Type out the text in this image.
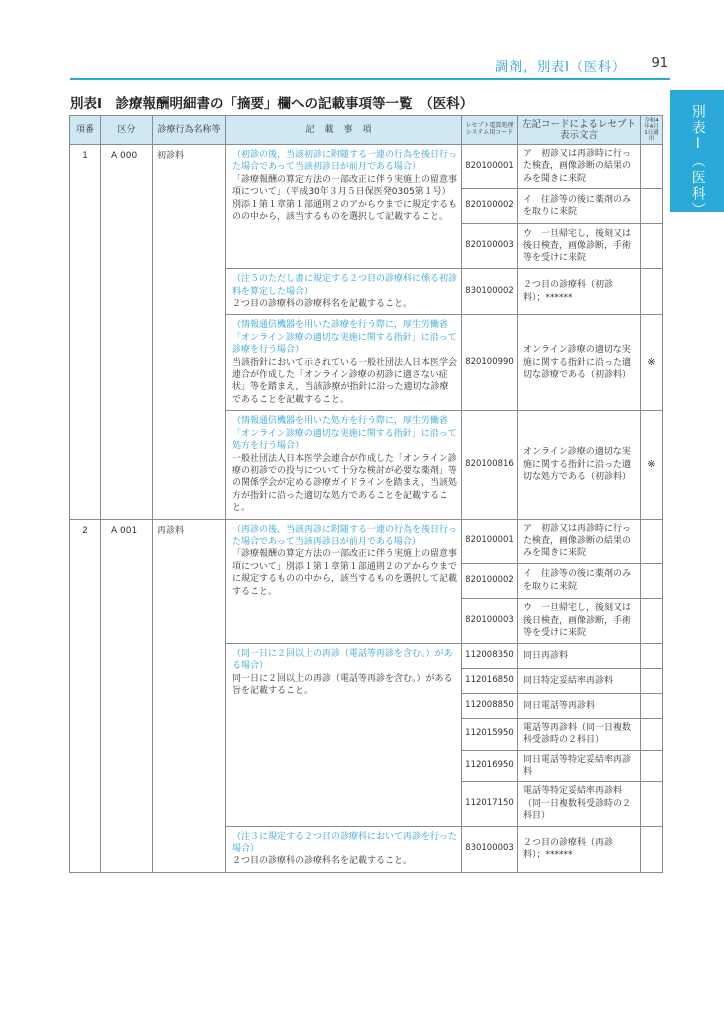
調剤，別表Ⅰ（医科） 91
別表Ⅰ（医科）
別表Ⅰ　診療報酬明細書の「摘要」欄への記載事項等一覧　（医科）
項番	区分	診療行為名称等	記載事項	レセプト電算処理システム用コード	左記コードによるレセプト表示文言	令和4年4月1日適用
1	A 000	初診料	（初診の後，当該初診に附随する一連の行為を後日行った場合であって当該初診日が前月である場合）
「診療報酬の算定方法の一部改正に伴う実施上の留意事項について」（平成30年３月５日保医発0305第１号）別添１第１章第１部通則２のアからウまでに規定するものの中から，該当するものを選択して記載すること。	820100001	ア　初診又は再診時に行った検査，画像診断の結果のみを聞きに来院	
				820100002	イ　往診等の後に薬剤のみを取りに来院	
				820100003	ウ　一旦帰宅し，後刻又は後日検査，画像診断，手術等を受けに来院	

			（注５のただし書に規定する２つ目の診療科に係る初診料を算定した場合）
２つ目の診療科の診療科名を記載すること。	830100002	２つ目の診療科（初診料）；******	

			（情報通信機器を用いた診療を行う際に，厚生労働省「オンライン診療の適切な実施に関する指針」に沿って診療を行う場合）
当該指針において示されている一般社団法人日本医学会連合が作成した「オンライン診療の初診に適さない症状」等を踏まえ，当該診療が指針に沿った適切な診療であることを記載すること。	820100990	オンライン診療の適切な実施に関する指針に沿った適切な診療である（初診料）	※

			（情報通信機器を用いた処方を行う際に，厚生労働省「オンライン診療の適切な実施に関する指針」に沿って処方を行う場合）
一般社団法人日本医学会連合が作成した「オンライン診療の初診での投与について十分な検討が必要な薬剤」等の関係学会が定める診療ガイドラインを踏まえ，当該処方が指針に沿った適切な処方であることを記載すること。	820100816	オンライン診療の適切な実施に関する指針に沿った適切な処方である（初診料）	※
2	A 001	再診料	（再診の後，当該再診に附随する一連の行為を後日行った場合であって当該再診日が前月である場合）
「診療報酬の算定方法の一部改正に伴う実施上の留意事項について」別添１第１章第１部通則２のアからウまでに規定するものの中から，該当するものを選択して記載すること。	820100001	ア　初診又は再診時に行った検査，画像診断の結果のみを聞きに来院	
				820100002	イ　往診等の後に薬剤のみを取りに来院	
				820100003	ウ　一旦帰宅し，後刻又は後日検査，画像診断，手術等を受けに来院	

			（同一日に２回以上の再診（電話等再診を含む。）がある場合）
同一日に２回以上の再診（電話等再診を含む。）がある旨を記載すること。	112008350	同日再診料	
				112016850	同日特定妥結率再診料	
				112008850	同日電話等再診料	
				112015950	電話等再診料（同一日複数科受診時の２科目）	
				112016950	同日電話等特定妥結率再診料	
				112017150	電話等特定妥結率再診料（同一日複数科受診時の２科目）	

			（注３に規定する２つ目の診療科において再診を行った場合）
２つ目の診療科の診療科名を記載すること。	830100003	２つ目の診療科（再診料）；******	
